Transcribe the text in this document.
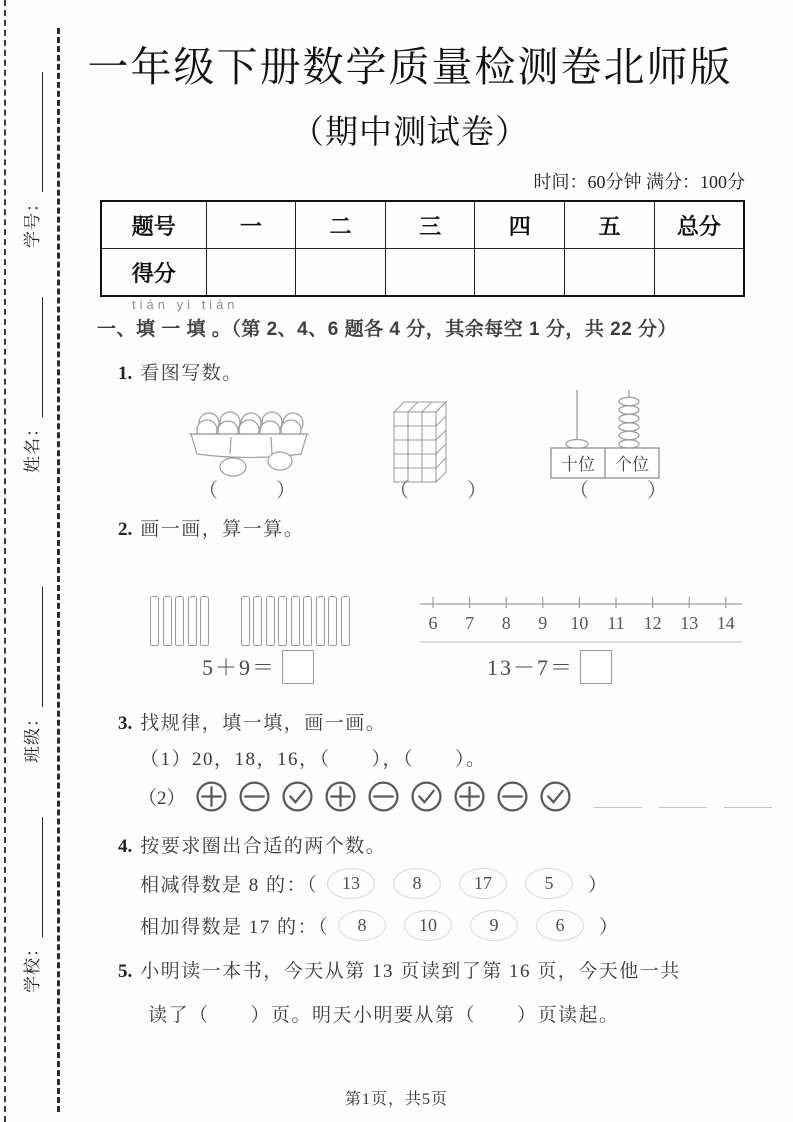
学号：
姓名：
班级：
学校：
一年级下册数学质量检测卷北师版
（期中测试卷）
时间：60分钟 满分：100分
题号	一	二	三	四	五	总分
得分						
tián yi tián
一、填 一 填 。（第 2、4、6 题各 4 分，其余每空 1 分，共 22 分）
1. 看图写数。
十位 个位
（　　）	（　　）	（　　）
2. 画一画，算一算。
5＋9＝
6 7 8 9 10 11 12 13 14
13－7＝
3. 找规律，填一填，画一画。
（1）20，18，16，（　　），（　　）。
（2）
4. 按要求圈出合适的两个数。
相减得数是 8 的：（	13	8	17	5	）
相加得数是 17 的：（	8	10	9	6	）
5. 小明读一本书，今天从第 13 页读到了第 16 页，今天他一共
读了（　　）页。明天小明要从第（　　）页读起。
第1页，共5页
